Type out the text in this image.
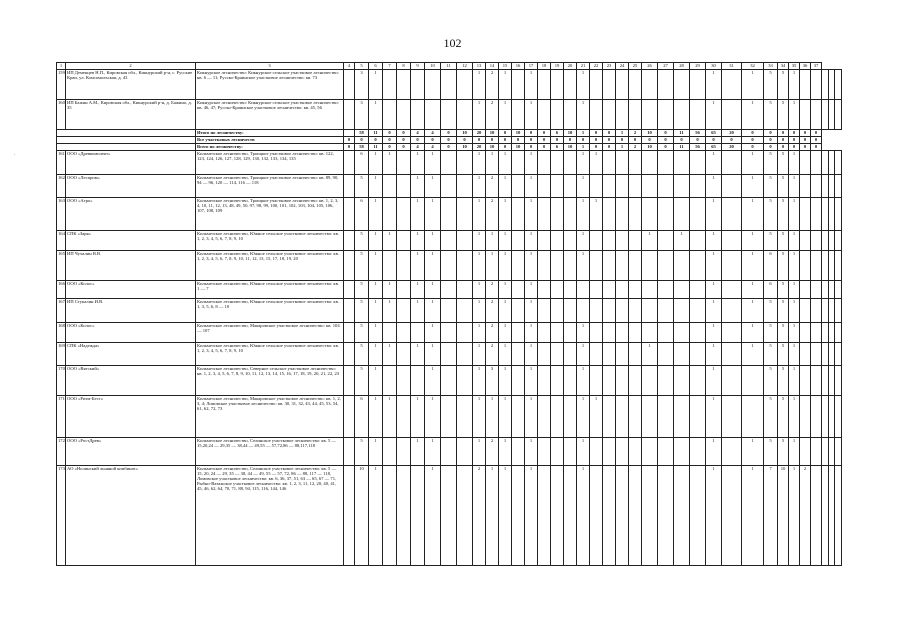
102
1	2	3	4	5	6	7	8	9	10	11	12	13	14	15	16	17	18	19	20	21	22	23	24	25	26	27	28	29	30	31	32	33	34	35	36	37			
159	ИП Деменцев Н.П., Кировская обл., Кикнурский р-н, с. Русские Краи, ул. Комсомольская, д. 43	Кикнурское лесничество: Кикнурское сельское участковое лесничество: кв. 6 — 11; Русско-Краинское участковое лесничество: кв. 73		3	1							1	2	1		1				1									1		1	5	5	1					
160	ИП Бажин А.М., Кировская обл., Кикнурский р-н, д. Бажино, д. 35	Кикнурское лесничество: Кикнурское сельское участковое лесничество: кв. 46, 47; Русско-Краинское участковое лесничество: кв. 45, 56		3	1							1	2	1		1				1									1		1	5	5	1					
		Итого по лесничеству:		58	11	0	0	4	4	0	10	20	10	0	10	0	0	6	10	1	0	0	1	2	10	0	11	56	65	20	0	0	0	0	0	0			
		Все участковых лесничеств	0	0	0	0	0	0	0	0	0	0	0	0	0	0	0	0	0	0	0	0	0	0	0	0	0	0	0	0	0	0	0	0	0	0			
		Всего по лесничеству:	0	58	11	0	0	4	4	0	10	20	10	0	10	0	0	6	10	1	0	0	1	2	10	0	11	56	65	20	0	0	0	0	0	0			
161	ООО «Древкомплект»	Кильмезское лесничество, Троицкое участковое лесничество: кв. 122, 123, 124, 126, 127, 128, 129, 130, 132, 133, 134, 135		6	1	1		1	1			1	1	1		1				1	1								1		1	5	5	1					
162	ООО «Леспром»	Кильмезское лесничество, Троицкое участковое лесничество: кв. 89, 90, 94 — 96, 120 — 114, 116 — 118		5	1			1	1			1	2	1		1				1									1		1	5	5	1					
163	ООО «Агро»	Кильмезское лесничество, Троицкое участковое лесничество: кв. 1, 2, 3, 4, 10, 11, 12, 13, 48, 49, 50, 97, 98, 99, 100, 101, 102, 103, 104, 105, 106, 107, 108, 109		6	1			1	1			1	2	1		1				1	1								1		1	5	5	1					
164	СПК «Заря»	Кильмезское лесничество, Южное сельское участковое лесничество: кв. 1, 2, 3, 4, 5, 6, 7, 8, 9, 10		5	1	1		1	1			1	1	1		1				1					1		1		1		1	5	5	1					
165	ИП Чучалин В.В.	Кильмезское лесничество, Южное сельское участковое лесничество: кв. 1, 2, 3, 4, 5, 6, 7, 8, 9, 10, 11, 12, 13, 15, 17, 18, 19, 20		5	1			1	1			1	1	1		1				1									1		1	6	5	1					
166	ООО «Колос»	Кильмезское лесничество, Южное сельское участковое лесничество: кв. 1 — 7		5	1	1		1	1			1	2	1		1													1		1	6	5	1					
167	ИП Стукалин И.В.	Кильмезское лесничество, Южное сельское участковое лесничество: кв. 1, 3, 5, 6, 8 — 10		5	1	1		1	1			1	2	1		1													1		1	5	5	1					
168	ООО «Колос»	Кильмезское лесничество, Макаровское участковое лесничество: кв. 104 — 107		5	1				1			1	2	1		1				1									1		1	5	5	1					
169	СПК «Надежда»	Кильмезское лесничество, Южное сельское участковое лесничество: кв. 1, 2, 3, 4, 5, 6, 7, 8, 9, 10		5	1	1		1	1			1	2	1		1				1					1				1		1	5	5	1					
170	ООО «Вятский»	Кильмезское лесничество, Северное сельское участковое лесничество: кв. 1, 2, 3, 4, 5, 6, 7, 8, 9, 10, 11, 12, 13, 14, 15, 16, 17, 18, 19, 20, 21, 22, 23		5	1				1			1	3	1		1				1									1			5	5	1					
171	ООО «Ритм-Бест»	Кильмезское лесничество, Макаровское участковое лесничество: кв. 1, 2, 3, 4; Ломовское участковое лесничество: кв. 30, 31, 32, 43, 44, 45, 53, 54, 61, 62, 72, 73		6	1	1		1	1			1	1	1		1				1	1								1			5	5	1					
172	ООО «РостДрев»	Кильмезское лесничество, Селинское участковое лесничество: кв. 5 — 15,20,24 — 29,35 — 38,44 — 49,55 — 57,72,86 — 88,117,118		5	1			1	1			1	2	1		1				1									1		1	5	5	1					
173	АО «Нолинский льняной комбинат»	Кильмезское лесничество, Селинское участковое лесничество: кв. 5 — 15, 20, 24 — 29, 35 — 38, 44 — 49, 55 — 57, 72, 86 — 88, 117 — 118, Ломовское участковое лесничество: кв. 6, 36, 37, 51, 63 — 65, 67 — 71, Рыбно-Ватажское участковое лесничество: кв. 1, 2, 3, 11, 12, 20, 40, 41, 45, 46, 62, 64, 70, 71, 88, 94, 115, 116, 144, 146		10	1				1			2	1	1		1				1									1		1	7	10	1	2				
.
